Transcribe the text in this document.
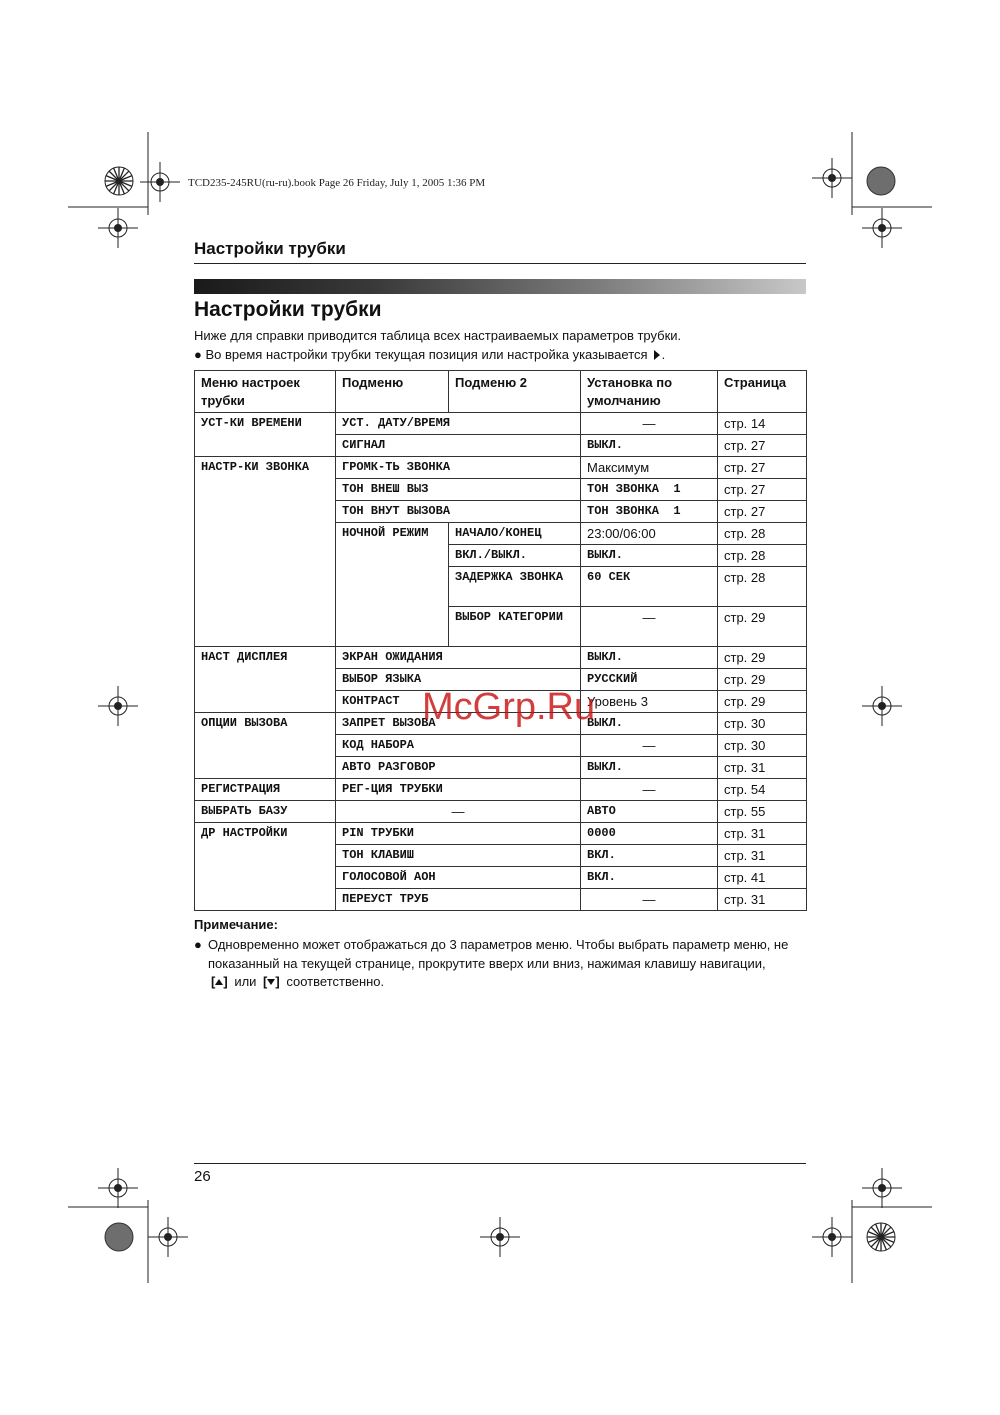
TCD235-245RU(ru-ru).book Page 26 Friday, July 1, 2005 1:36 PM
Настройки трубки
Настройки трубки
Ниже для справки приводится таблица всех настраиваемых параметров трубки.
● Во время настройки трубки текущая позиция или настройка указывается .
Меню настроек трубки	Подменю	Подменю 2	Установка по умолчанию	Страница
УСТ-КИ ВРЕМЕНИ	УСТ. ДАТУ/ВРЕМЯ		—	стр. 14
	СИГНАЛ		ВЫКЛ.	стр. 27
НАСТР-КИ ЗВОНКА	ГРОМК-ТЬ ЗВОНКА		Максимум	стр. 27
	ТОН ВНЕШ ВЫЗ		ТОН ЗВОНКА  1	стр. 27
	ТОН ВНУТ ВЫЗОВА		ТОН ЗВОНКА  1	стр. 27
	НОЧНОЙ РЕЖИМ	НАЧАЛО/КОНЕЦ	23:00/06:00	стр. 28
		ВКЛ./ВЫКЛ.	ВЫКЛ.	стр. 28
		ЗАДЕРЖКА ЗВОНКА	60 СЕК	стр. 28
		ВЫБОР КАТЕГОРИИ	—	стр. 29
НАСТ ДИСПЛЕЯ	ЭКРАН ОЖИДАНИЯ		ВЫКЛ.	стр. 29
	ВЫБОР ЯЗЫКА		РУССКИЙ	стр. 29
	КОНТРАСТ		Уровень 3	стр. 29
ОПЦИИ ВЫЗОВА	ЗАПРЕТ ВЫЗОВА		ВЫКЛ.	стр. 30
	КОД НАБОРА		—	стр. 30
	АВТО РАЗГОВОР		ВЫКЛ.	стр. 31
РЕГИСТРАЦИЯ	РЕГ-ЦИЯ ТРУБКИ		—	стр. 54
ВЫБРАТЬ БАЗУ	—		АВТО	стр. 55
ДР НАСТРОЙКИ	PIN ТРУБКИ		0000	стр. 31
	ТОН КЛАВИШ		ВКЛ.	стр. 31
	ГОЛОСОВОЙ АОН		ВКЛ.	стр. 41
	ПЕРЕУСТ ТРУБ		—	стр. 31
McGrp.Ru
Примечание:
● Одновременно может отображаться до 3 параметров меню. Чтобы выбрать параметр меню, не показанный на текущей странице, прокрутите вверх или вниз, нажимая клавишу навигации,
[ ] или [ ] соответственно.
26
